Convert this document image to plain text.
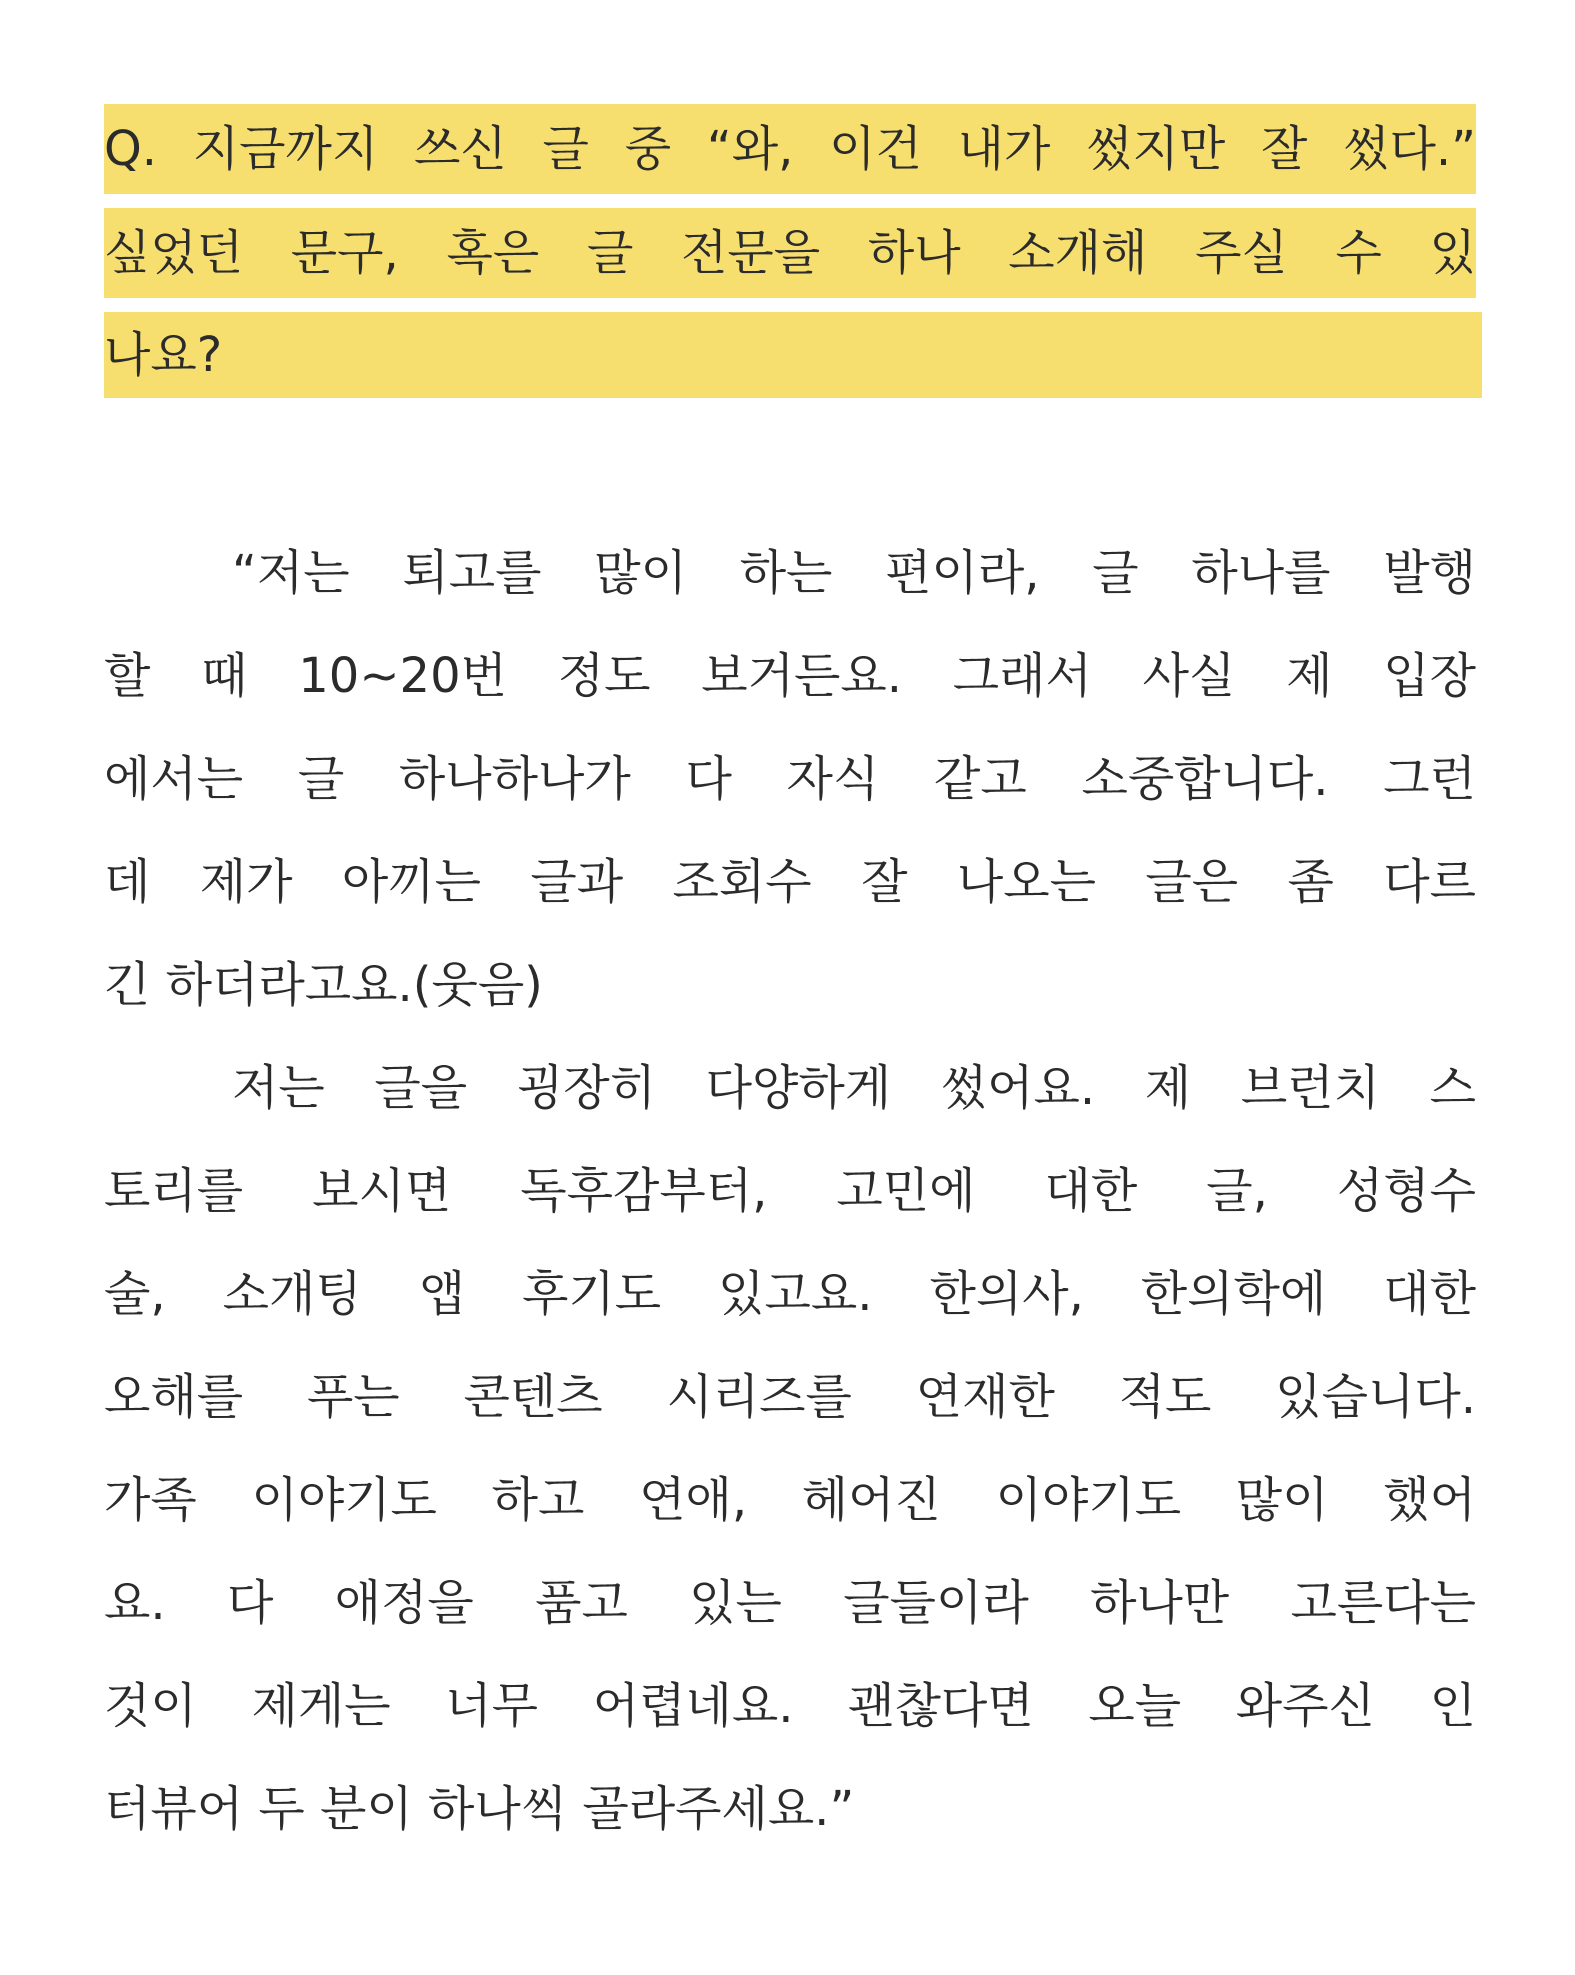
Q. 지금까지 쓰신 글 중 “와, 이건 내가 썼지만 잘 썼다.”
싶었던 문구, 혹은 글 전문을 하나 소개해 주실 수 있
나요?
“저는 퇴고를 많이 하는 편이라, 글 하나를 발행
할 때 10~20번 정도 보거든요. 그래서 사실 제 입장
에서는 글 하나하나가 다 자식 같고 소중합니다. 그런
데 제가 아끼는 글과 조회수 잘 나오는 글은 좀 다르
긴 하더라고요.(웃음)
저는 글을 굉장히 다양하게 썼어요. 제 브런치 스
토리를 보시면 독후감부터, 고민에 대한 글, 성형수
술, 소개팅 앱 후기도 있고요. 한의사, 한의학에 대한
오해를 푸는 콘텐츠 시리즈를 연재한 적도 있습니다.
가족 이야기도 하고 연애, 헤어진 이야기도 많이 했어
요. 다 애정을 품고 있는 글들이라 하나만 고른다는
것이 제게는 너무 어렵네요. 괜찮다면 오늘 와주신 인
터뷰어 두 분이 하나씩 골라주세요.”
